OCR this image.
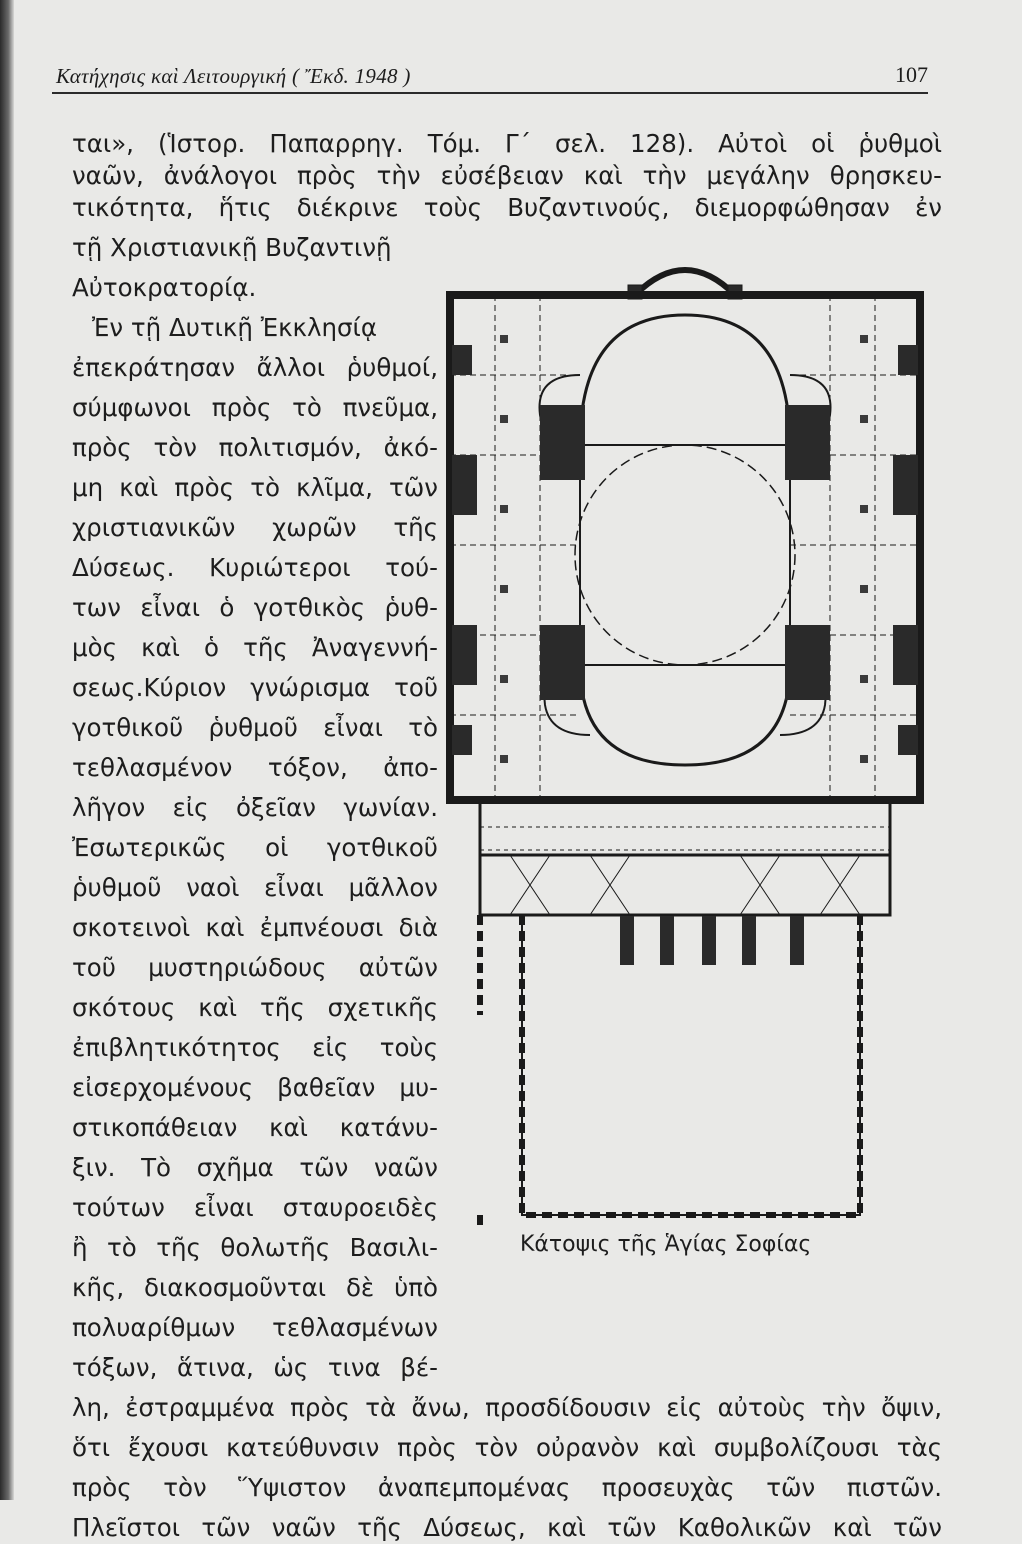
Κατήχησις καὶ Λειτουργική ( Ἔκδ. 1948 )	107
ται», (Ἱστορ. Παπαρρηγ. Τόμ. Γ΄ σελ. 128). Αὐτοὶ οἱ ῥυθμοὶ
ναῶν, ἀνάλογοι πρὸς τὴν εὐσέβειαν καὶ τὴν μεγάλην θρησκευ-
τικότητα, ἥτις διέκρινε τοὺς Βυζαντινούς, διεμορφώθησαν ἐν
τῇ Χριστιανικῇ Βυζαντινῇ
Αὐτοκρατορίᾳ.
Ἐν τῇ Δυτικῇ Ἐκκλησίᾳ
ἐπεκράτησαν ἄλλοι ῥυθμοί,
σύμφωνοι πρὸς τὸ πνεῦμα,
πρὸς τὸν πολιτισμόν, ἀκό-
μη καὶ πρὸς τὸ κλῖμα, τῶν
χριστιανικῶν χωρῶν τῆς
Δύσεως. Κυριώτεροι τού-
των εἶναι ὁ γοτθικὸς ῥυθ-
μὸς καὶ ὁ τῆς Ἀναγεννή-
σεως.Κύριον γνώρισμα τοῦ
γοτθικοῦ ῥυθμοῦ εἶναι τὸ
τεθλασμένον τόξον, ἀπο-
λῆγον εἰς ὀξεῖαν γωνίαν.
Ἐσωτερικῶς οἱ γοτθικοῦ
ῥυθμοῦ ναοὶ εἶναι μᾶλλον
σκοτεινοὶ καὶ ἐμπνέουσι διὰ
τοῦ μυστηριώδους αὐτῶν
σκότους καὶ τῆς σχετικῆς
ἐπιβλητικότητος εἰς τοὺς
εἰσερχομένους βαθεῖαν μυ-
στικοπάθειαν καὶ κατάνυ-
ξιν. Τὸ σχῆμα τῶν ναῶν
τούτων εἶναι σταυροειδὲς
ἢ τὸ τῆς θολωτῆς Βασιλι-
κῆς, διακοσμοῦνται δὲ ὑπὸ
πολυαρίθμων τεθλασμένων
τόξων, ἅτινα, ὡς τινα βέ-
λη, ἐστραμμένα πρὸς τὰ ἄνω, προσδίδουσιν εἰς αὐτοὺς τὴν ὄψιν,
ὅτι ἔχουσι κατεύθυνσιν πρὸς τὸν οὐρανὸν καὶ συμβολίζουσι τὰς
πρὸς τὸν Ὕψιστον ἀναπεμπομένας προσευχὰς τῶν πιστῶν.
Πλεῖστοι τῶν ναῶν τῆς Δύσεως, καὶ τῶν Καθολικῶν καὶ τῶν
Κάτοψις τῆς Ἁγίας Σοφίας
